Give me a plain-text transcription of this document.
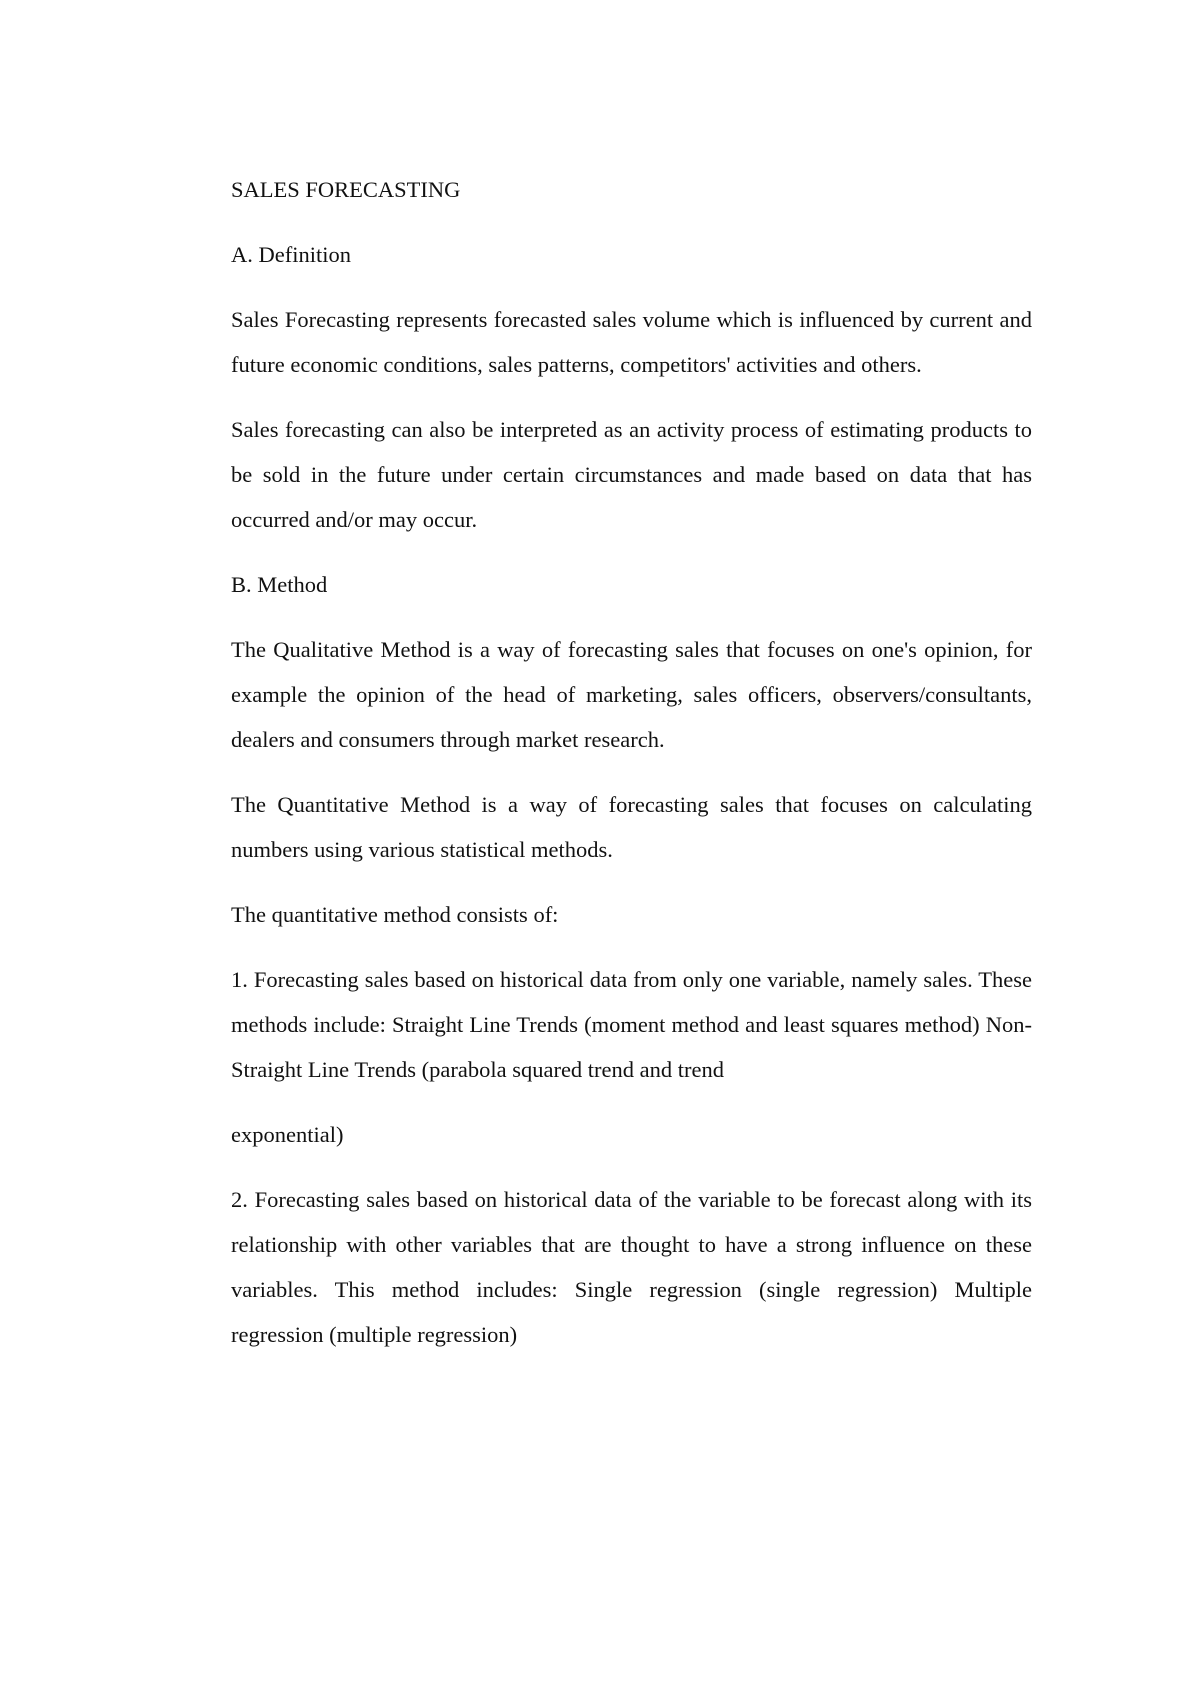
SALES FORECASTING
A. Definition

Sales Forecasting represents forecasted sales volume which is influenced by current and future economic conditions, sales patterns, competitors' activities and others.

Sales forecasting can also be interpreted as an activity process of estimating products to be sold in the future under certain circumstances and made based on data that has occurred and/or may occur.

B. Method

The Qualitative Method is a way of forecasting sales that focuses on one's opinion, for example the opinion of the head of marketing, sales officers, observers/consultants, dealers and consumers through market research.

The Quantitative Method is a way of forecasting sales that focuses on calculating numbers using various statistical methods.

The quantitative method consists of:

1. Forecasting sales based on historical data from only one variable, namely sales. These methods include: Straight Line Trends (moment method and least squares method) Non-Straight Line Trends (parabola squared trend and trend

exponential)

2. Forecasting sales based on historical data of the variable to be forecast along with its relationship with other variables that are thought to have a strong influence on these variables. This method includes: Single regression (single regression) Multiple regression (multiple regression)
